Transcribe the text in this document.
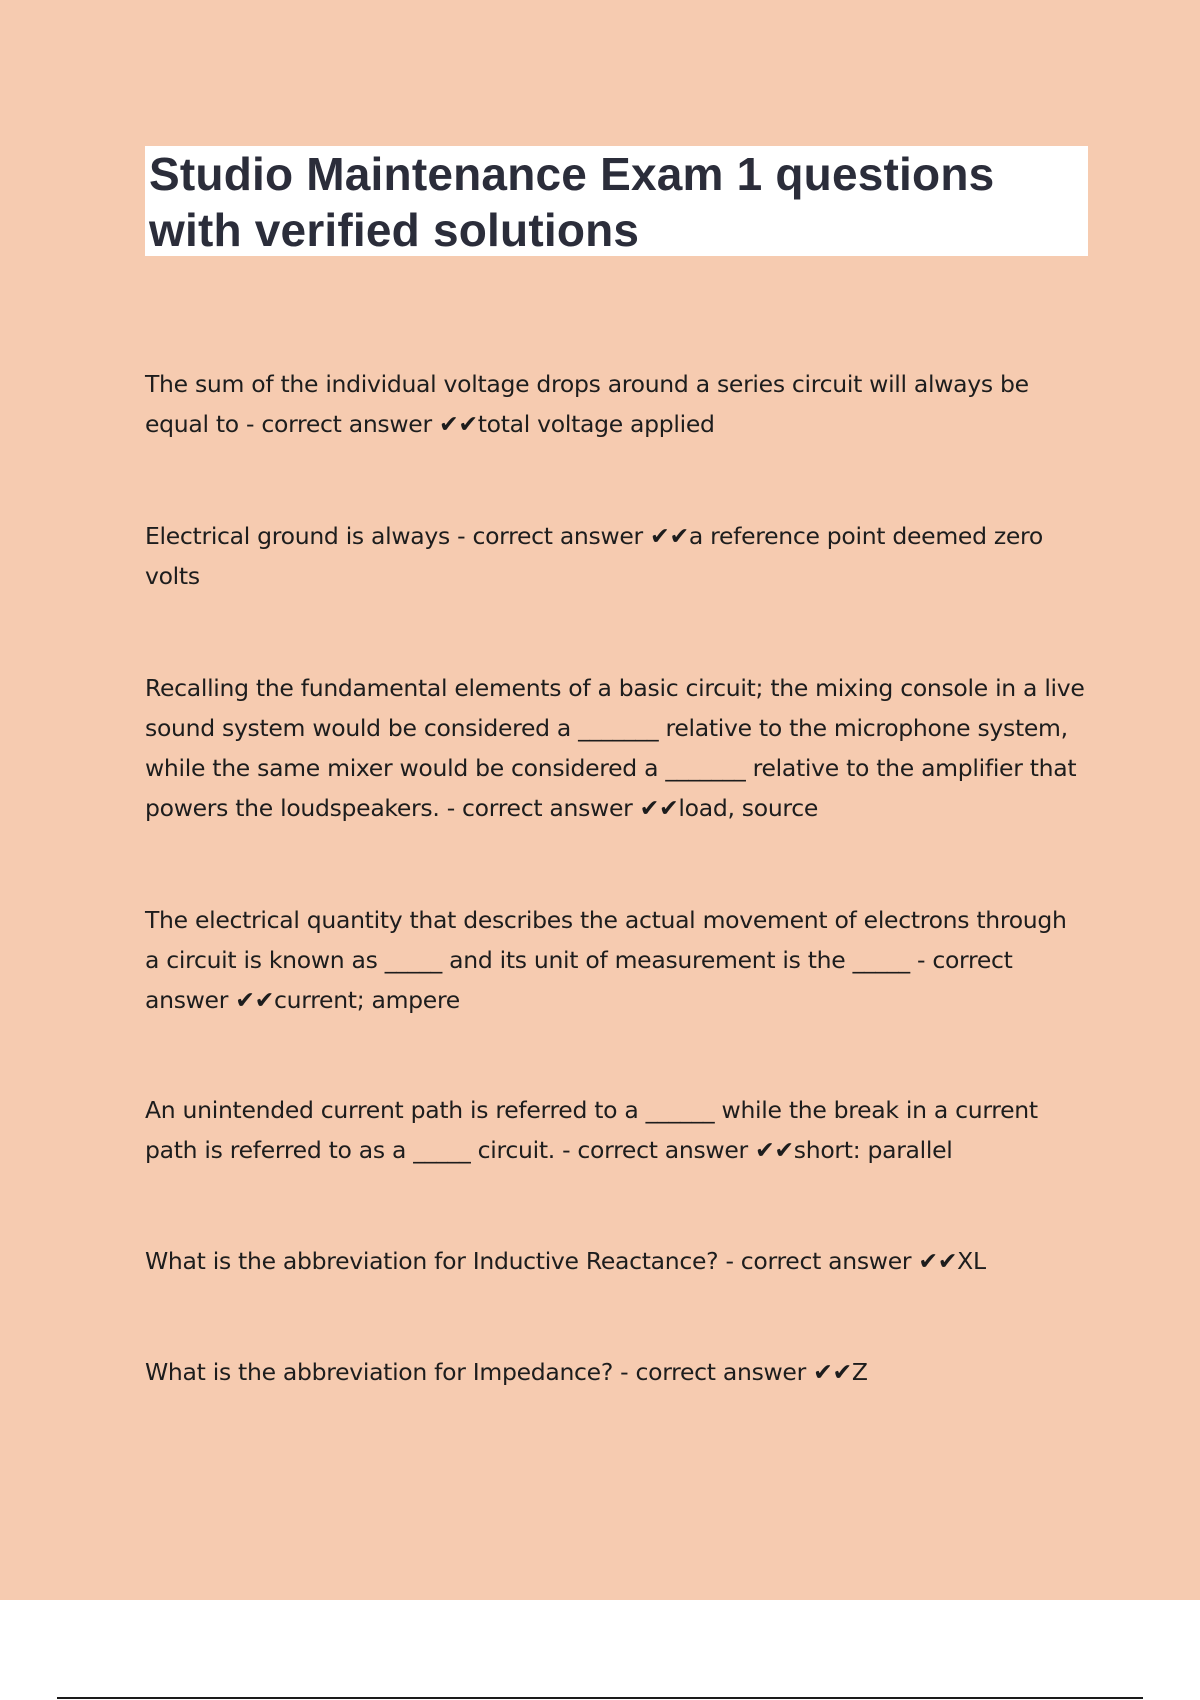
Studio Maintenance Exam 1 questions with verified solutions

The sum of the individual voltage drops around a series circuit will always be equal to - correct answer ✔✔total voltage applied

Electrical ground is always - correct answer ✔✔a reference point deemed zero volts

Recalling the fundamental elements of a basic circuit; the mixing console in a live sound system would be considered a _______ relative to the microphone system, while the same mixer would be considered a _______ relative to the amplifier that powers the loudspeakers. - correct answer ✔✔load, source

The electrical quantity that describes the actual movement of electrons through a circuit is known as _____ and its unit of measurement is the _____ - correct answer ✔✔current; ampere

An unintended current path is referred to a ______ while the break in a current path is referred to as a _____ circuit. - correct answer ✔✔short: parallel

What is the abbreviation for Inductive Reactance? - correct answer ✔✔XL

What is the abbreviation for Impedance? - correct answer ✔✔Z
